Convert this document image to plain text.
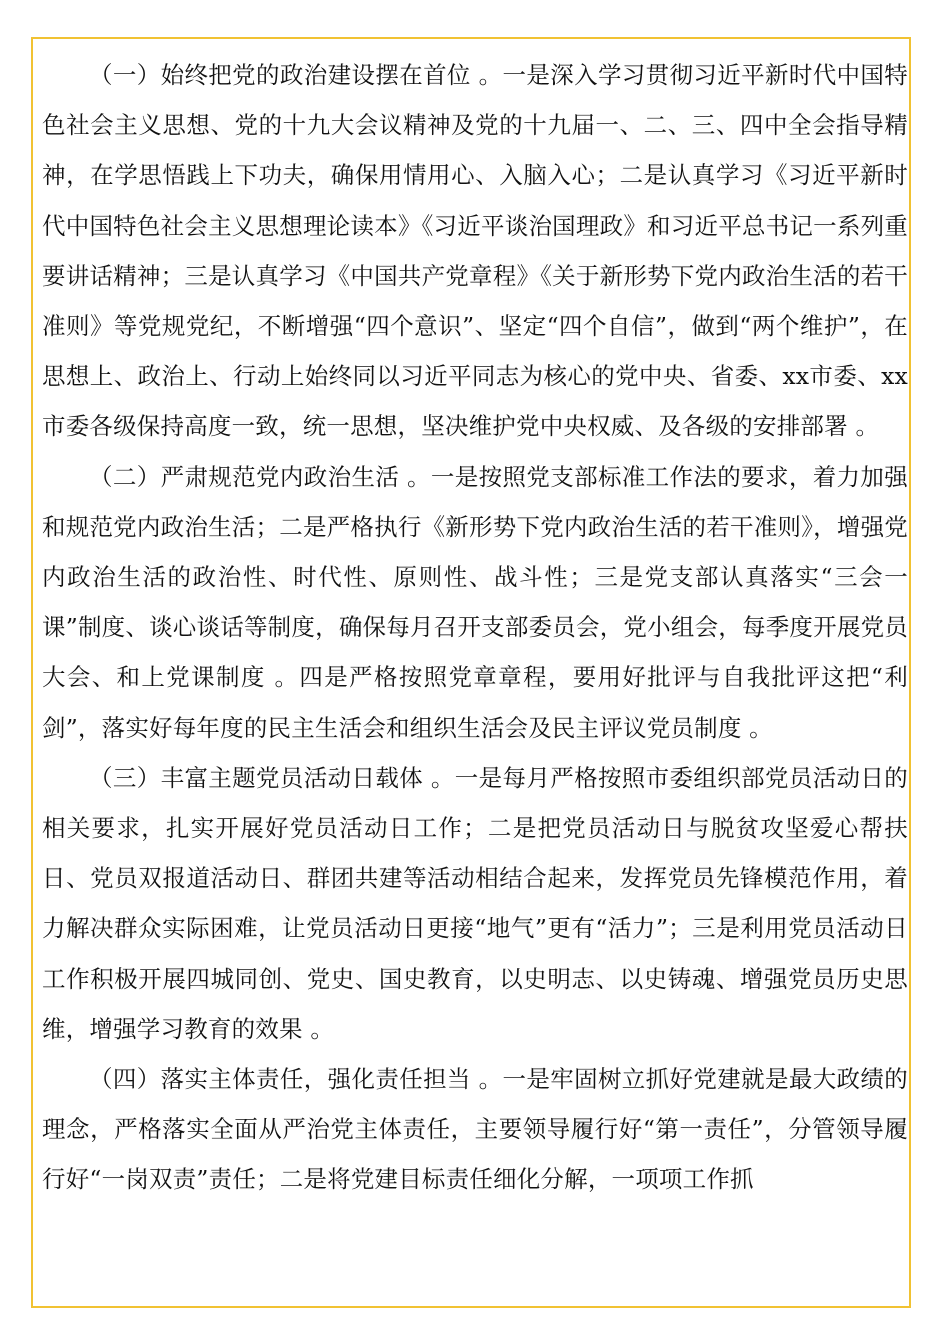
（一）始终把党的政治建设摆在首位 。一是深入学习贯彻习近平新时代中国特色社会主义思想、党的十九大会议精神及党的十九届一、二、三、四中全会指导精神，在学思悟践上下功夫，确保用情用心、入脑入心；二是认真学习《习近平新时代中国特色社会主义思想理论读本》《习近平谈治国理政》和习近平总书记一系列重要讲话精神；三是认真学习《中国共产党章程》《关于新形势下党内政治生活的若干准则》等党规党纪，不断增强“四个意识”、坚定“四个自信”，做到“两个维护”，在思想上、政治上、行动上始终同以习近平同志为核心的党中央、省委、xx市委、xx市委各级保持高度一致，统一思想，坚决维护党中央权威、及各级的安排部署 。

（二）严肃规范党内政治生活 。一是按照党支部标准工作法的要求，着力加强和规范党内政治生活；二是严格执行《新形势下党内政治生活的若干准则》，增强党内政治生活的政治性、时代性、原则性、战斗性；三是党支部认真落实“三会一课”制度、谈心谈话等制度，确保每月召开支部委员会，党小组会，每季度开展党员大会、和上党课制度 。四是严格按照党章章程，要用好批评与自我批评这把“利剑”，落实好每年度的民主生活会和组织生活会及民主评议党员制度 。

（三）丰富主题党员活动日载体 。一是每月严格按照市委组织部党员活动日的相关要求，扎实开展好党员活动日工作；二是把党员活动日与脱贫攻坚爱心帮扶日、党员双报道活动日、群团共建等活动相结合起来，发挥党员先锋模范作用，着力解决群众实际困难，让党员活动日更接“地气”更有“活力”；三是利用党员活动日工作积极开展四城同创、党史、国史教育，以史明志、以史铸魂、增强党员历史思维，增强学习教育的效果 。

（四）落实主体责任，强化责任担当 。一是牢固树立抓好党建就是最大政绩的理念，严格落实全面从严治党主体责任，主要领导履行好“第一责任”，分管领导履行好“一岗双责”责任；二是将党建目标责任细化分解，一项项工作抓
